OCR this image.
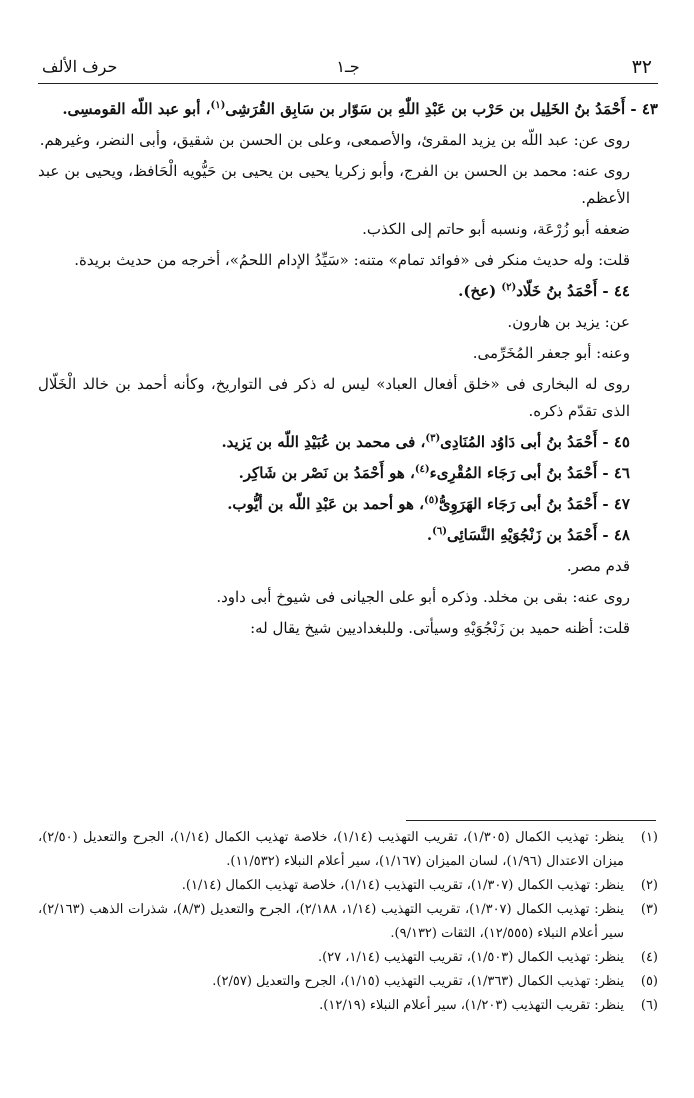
٣٢
جـ١
حرف الألف

٤٣ - أَحْمَدُ بنُ الخَلِيل بن حَرْب بن عَبْدِ اللّٰهِ بن سَوّار بن سَابِق القُرَشِى$^{(١)}$، أبو عبد اللّه القومسِى.

روى عن: عبد اللّه بن يزيد المقرئ، والأصمعى، وعلى بن الحسن بن شقيق، وأبى النضر، وغيرهم.

روى عنه: محمد بن الحسن بن الفرج، وأبو زكريا يحيى بن يحيى بن حَيُّويه الْحَافظ، ويحيى بن عبد الأعظم.

ضعفه أبو زُرْعَة، ونسبه أبو حاتم إلى الكذب.

قلت: وله حديث منكر فى «فوائد تمام» متنه: «سَيِّدُ الإدام اللحمُ»، أخرجه من حديث بريدة.

٤٤ - أَحْمَدُ بنُ خَلّاد$^{(٢)}$ (عخ).

عن: يزيد بن هارون.

وعنه: أبو جعفر المُخَرِّمى.

روى له البخارى فى «خلق أفعال العباد» ليس له ذكر فى التواريخ، وكأنه أحمد بن خالد الْخَلّال الذى تقدّم ذكره.

٤٥ - أَحْمَدُ بنُ أبى دَاوُد المُنَادِى$^{(٣)}$، فى محمد بن عُبَيْدِ اللّه بن يَزيد.

٤٦ - أَحْمَدُ بنُ أبى رَجَاء المُقْرِىء$^{(٤)}$، هو أَحْمَدُ بن نَصْر بن شَاكِر.

٤٧ - أَحْمَدُ بنُ أبى رَجَاء الهَرَوِىُّ$^{(٥)}$، هو أحمد بن عَبْدِ اللّه بن أيُّوب.

٤٨ - أَحْمَدُ بن زَنْجُوَيْهِ النَّسَائِى$^{(٦)}$.

قدم مصر.

روى عنه: بقى بن مخلد. وذكره أبو على الجيانى فى شيوخ أبى داود.

قلت: أظنه حميد بن زَنْجُوَيْهِ وسيأتى. وللبغداديين شيخ يقال له:

(١)
ينظر: تهذيب الكمال (١/٣٠٥)، تقريب التهذيب (١/١٤)، خلاصة تهذيب الكمال (١/١٤)، الجرح والتعديل (٢/٥٠)، ميزان الاعتدال (١/٩٦)، لسان الميزان (١/١٦٧)، سير أعلام النبلاء (١١/٥٣٢).
(٢)
ينظر: تهذيب الكمال (١/٣٠٧)، تقريب التهذيب (١/١٤)، خلاصة تهذيب الكمال (١/١٤).
(٣)
ينظر: تهذيب الكمال (١/٣٠٧)، تقريب التهذيب (١/١٤، ٢/١٨٨)، الجرح والتعديل (٨/٣)، شذرات الذهب (٢/١٦٣)، سير أعلام النبلاء (١٢/٥٥٥)، الثقات (٩/١٣٢).
(٤)
ينظر: تهذيب الكمال (١/٥٠٣)، تقريب التهذيب (١/١٤، ٢٧).
(٥)
ينظر: تهذيب الكمال (١/٣٦٣)، تقريب التهذيب (١/١٥)، الجرح والتعديل (٢/٥٧).
(٦)
ينظر: تقريب التهذيب (١/٢٠٣)، سير أعلام النبلاء (١٢/١٩).
